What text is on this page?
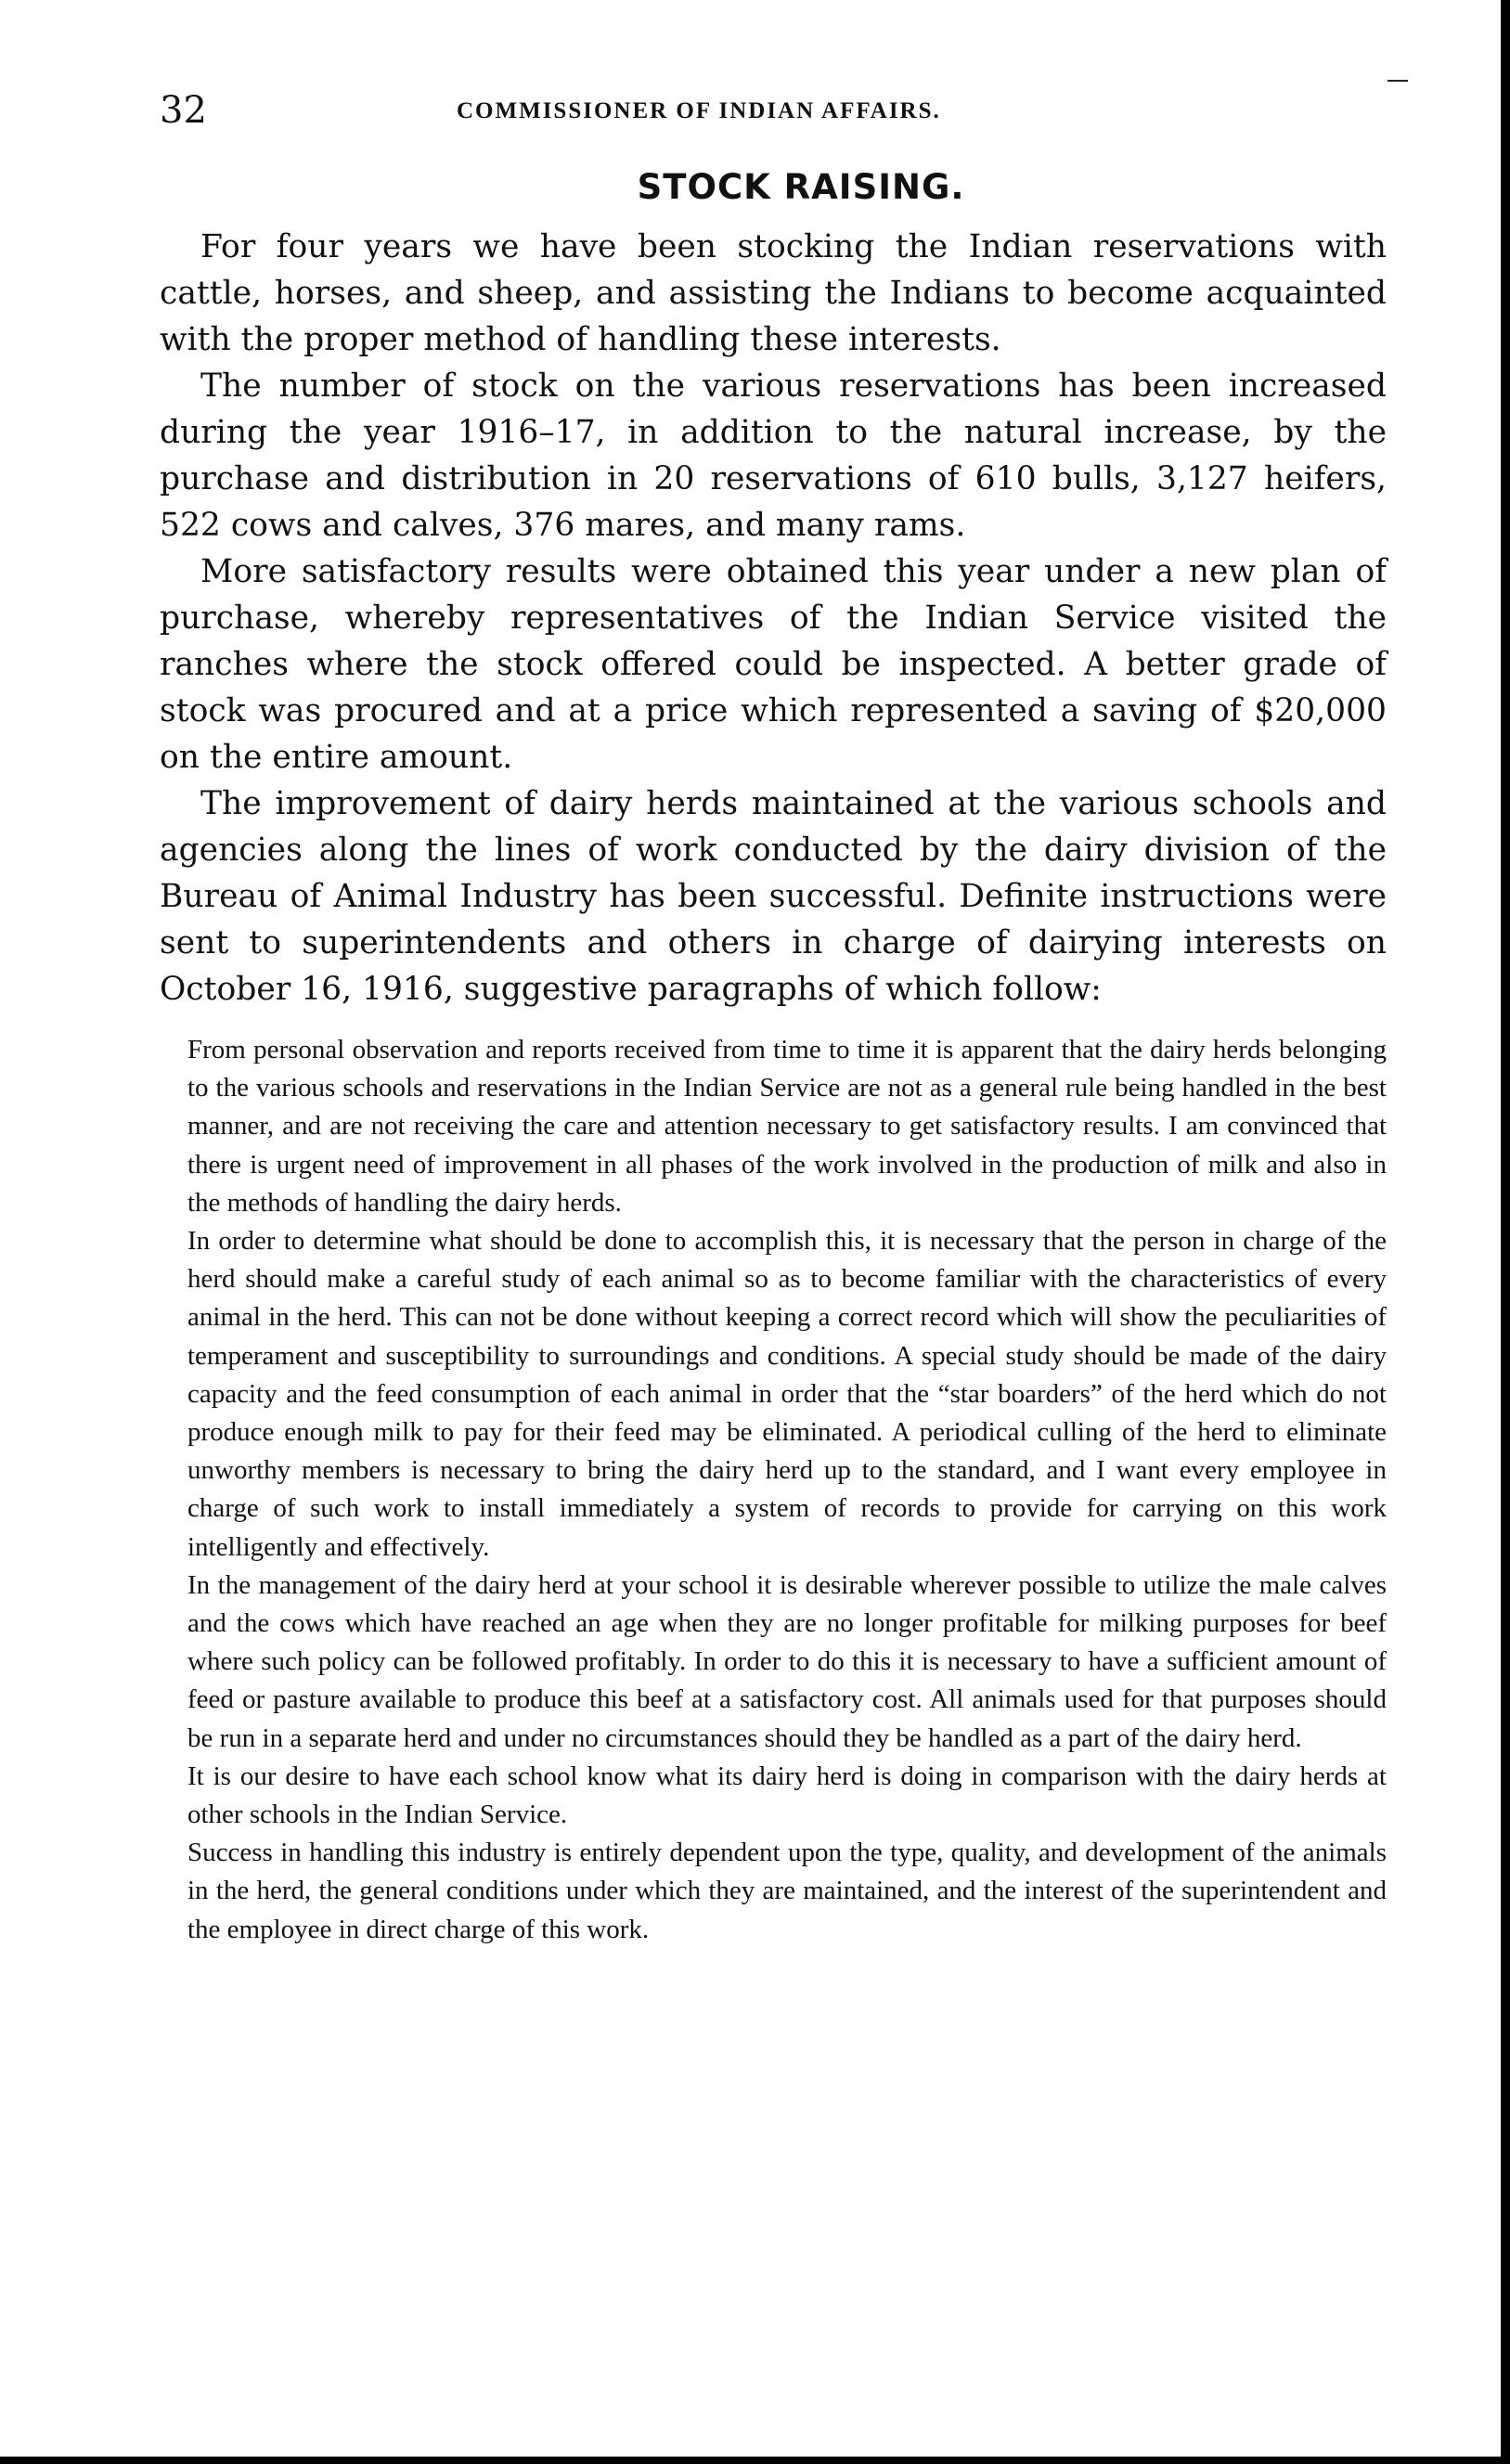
32	COMMISSIONER OF INDIAN AFFAIRS.
STOCK RAISING.

For four years we have been stocking the Indian reservations with cattle, horses, and sheep, and assisting the Indians to become acquainted with the proper method of handling these interests.

The number of stock on the various reservations has been increased during the year 1916–17, in addition to the natural increase, by the purchase and distribution in 20 reservations of 610 bulls, 3,127 heifers, 522 cows and calves, 376 mares, and many rams.

More satisfactory results were obtained this year under a new plan of purchase, whereby representatives of the Indian Service visited the ranches where the stock offered could be inspected. A better grade of stock was procured and at a price which represented a saving of $20,000 on the entire amount.

The improvement of dairy herds maintained at the various schools and agencies along the lines of work conducted by the dairy division of the Bureau of Animal Industry has been successful. Definite instructions were sent to superintendents and others in charge of dairying interests on October 16, 1916, suggestive paragraphs of which follow:

From personal observation and reports received from time to time it is apparent that the dairy herds belonging to the various schools and reservations in the Indian Service are not as a general rule being handled in the best manner, and are not receiving the care and attention necessary to get satisfactory results. I am convinced that there is urgent need of improvement in all phases of the work involved in the production of milk and also in the methods of handling the dairy herds.

In order to determine what should be done to accomplish this, it is necessary that the person in charge of the herd should make a careful study of each animal so as to become familiar with the characteristics of every animal in the herd. This can not be done without keeping a correct record which will show the peculiarities of temperament and susceptibility to surroundings and conditions. A special study should be made of the dairy capacity and the feed consumption of each animal in order that the “star boarders” of the herd which do not produce enough milk to pay for their feed may be eliminated. A periodical culling of the herd to eliminate unworthy members is necessary to bring the dairy herd up to the standard, and I want every employee in charge of such work to install immediately a system of records to provide for carrying on this work intelligently and effectively.

In the management of the dairy herd at your school it is desirable wherever possible to utilize the male calves and the cows which have reached an age when they are no longer profitable for milking purposes for beef where such policy can be followed profitably. In order to do this it is necessary to have a sufficient amount of feed or pasture available to produce this beef at a satisfactory cost. All animals used for that purposes should be run in a separate herd and under no circumstances should they be handled as a part of the dairy herd.

It is our desire to have each school know what its dairy herd is doing in comparison with the dairy herds at other schools in the Indian Service.

Success in handling this industry is entirely dependent upon the type, quality, and development of the animals in the herd, the general conditions under which they are maintained, and the interest of the superintendent and the employee in direct charge of this work.
